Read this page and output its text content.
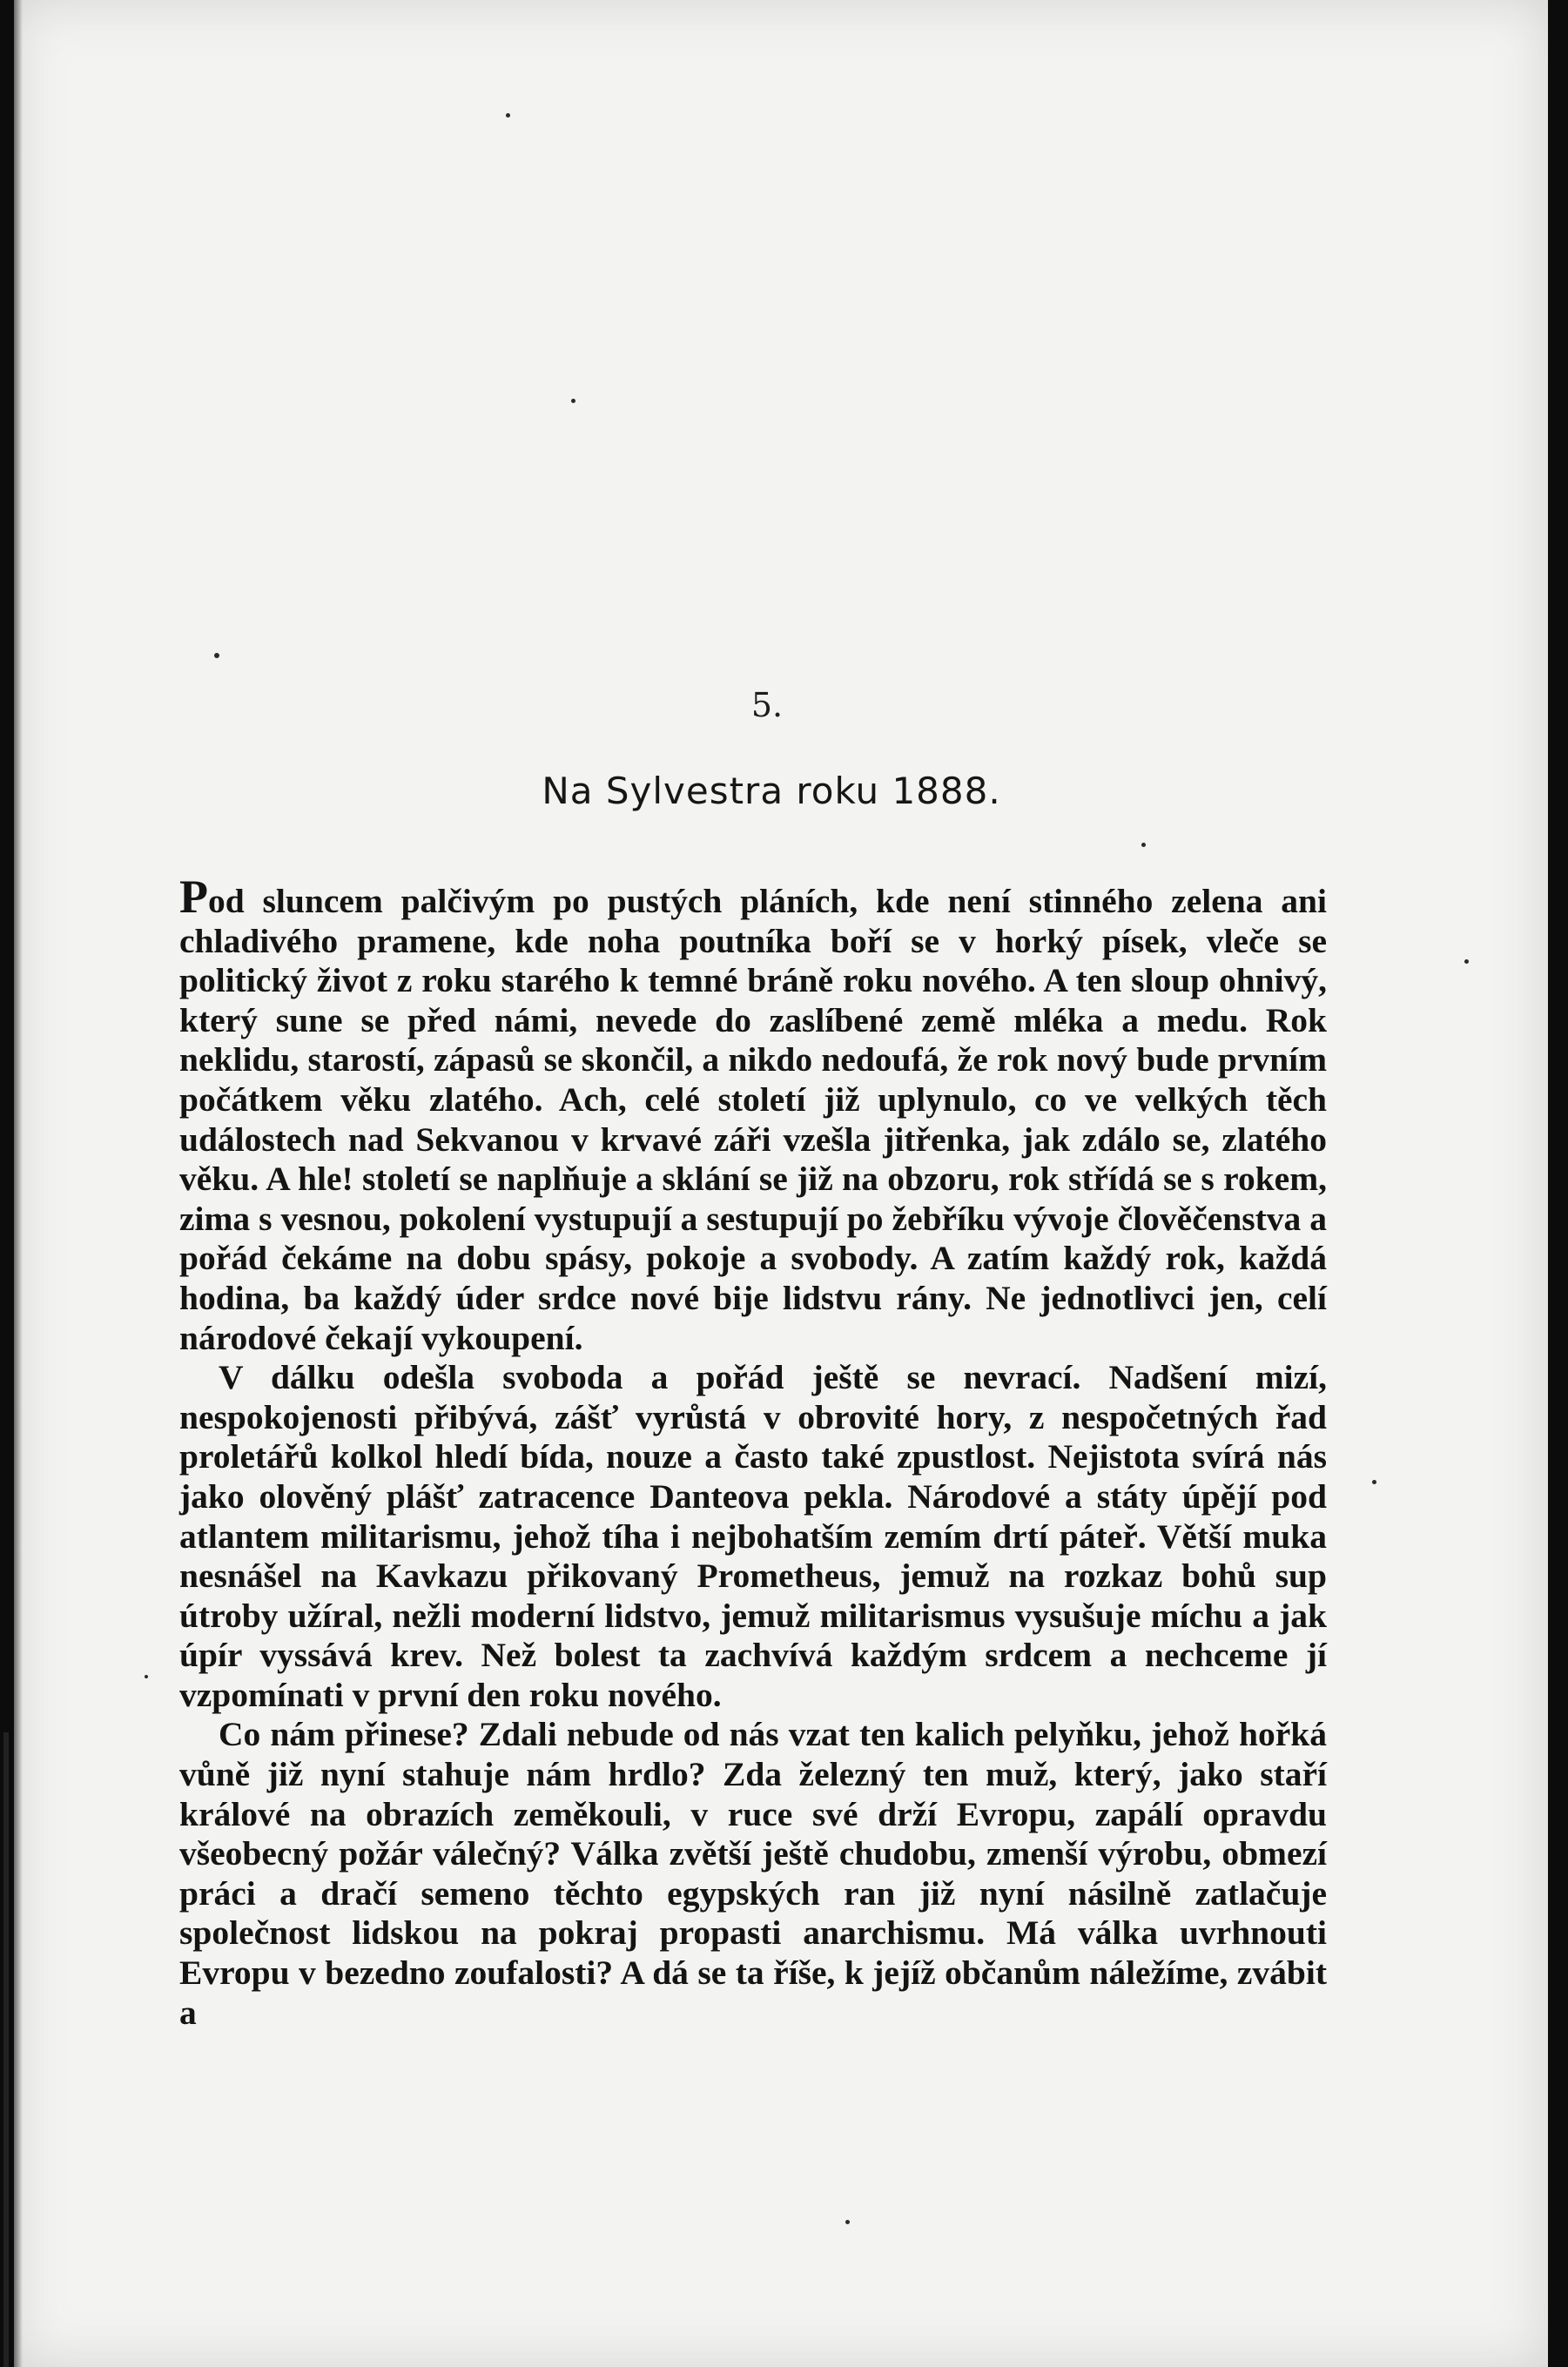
5.
Na Sylvestra roku 1888.

Pod sluncem palčivým po pustých pláních, kde není stinného zelena ani chladivého pramene, kde noha poutníka boří se v horký písek, vleče se politický život z roku starého k temné bráně roku nového. A ten sloup ohnivý, který sune se před námi, nevede do zaslíbené země mléka a medu. Rok neklidu, starostí, zápasů se skončil, a nikdo nedoufá, že rok nový bude prvním počátkem věku zlatého. Ach, celé století již uplynulo, co ve velkých těch událostech nad Sekvanou v krvavé záři vzešla jitřenka, jak zdálo se, zlatého věku. A hle! století se naplňuje a sklání se již na obzoru, rok střídá se s rokem, zima s vesnou, pokolení vystupují a sestupují po žebříku vývoje člověčenstva a pořád čekáme na dobu spásy, pokoje a svobody. A zatím každý rok, každá hodina, ba každý úder srdce nové bije lidstvu rány. Ne jednotlivci jen, celí národové čekají vykoupení.

V dálku odešla svoboda a pořád ještě se nevrací. Nadšení mizí, nespokojenosti přibývá, zášť vyrůstá v obrovité hory, z nespočetných řad proletářů kolkol hledí bída, nouze a často také zpustlost. Nejistota svírá nás jako olověný plášť zatracence Danteova pekla. Národové a státy úpějí pod atlantem militarismu, jehož tíha i nejbohatším zemím drtí páteř. Větší muka nesnášel na Kavkazu přikovaný Prometheus, jemuž na rozkaz bohů sup útroby užíral, nežli moderní lidstvo, jemuž militarismus vysušuje míchu a jak úpír vyssává krev. Než bolest ta zachvívá každým srdcem a nechceme jí vzpomínati v první den roku nového.

Co nám přinese? Zdali nebude od nás vzat ten kalich pelyňku, jehož hořká vůně již nyní stahuje nám hrdlo? Zda železný ten muž, který, jako staří králové na obrazích zeměkouli, v ruce své drží Evropu, zapálí opravdu všeobecný požár válečný? Válka zvětší ještě chudobu, zmenší výrobu, obmezí práci a dračí semeno těchto egypských ran již nyní násilně zatlačuje společnost lidskou na pokraj propasti anarchismu. Má válka uvrhnouti Evropu v bezedno zoufalosti? A dá se ta říše, k jejíž občanům náležíme, zvábit a
